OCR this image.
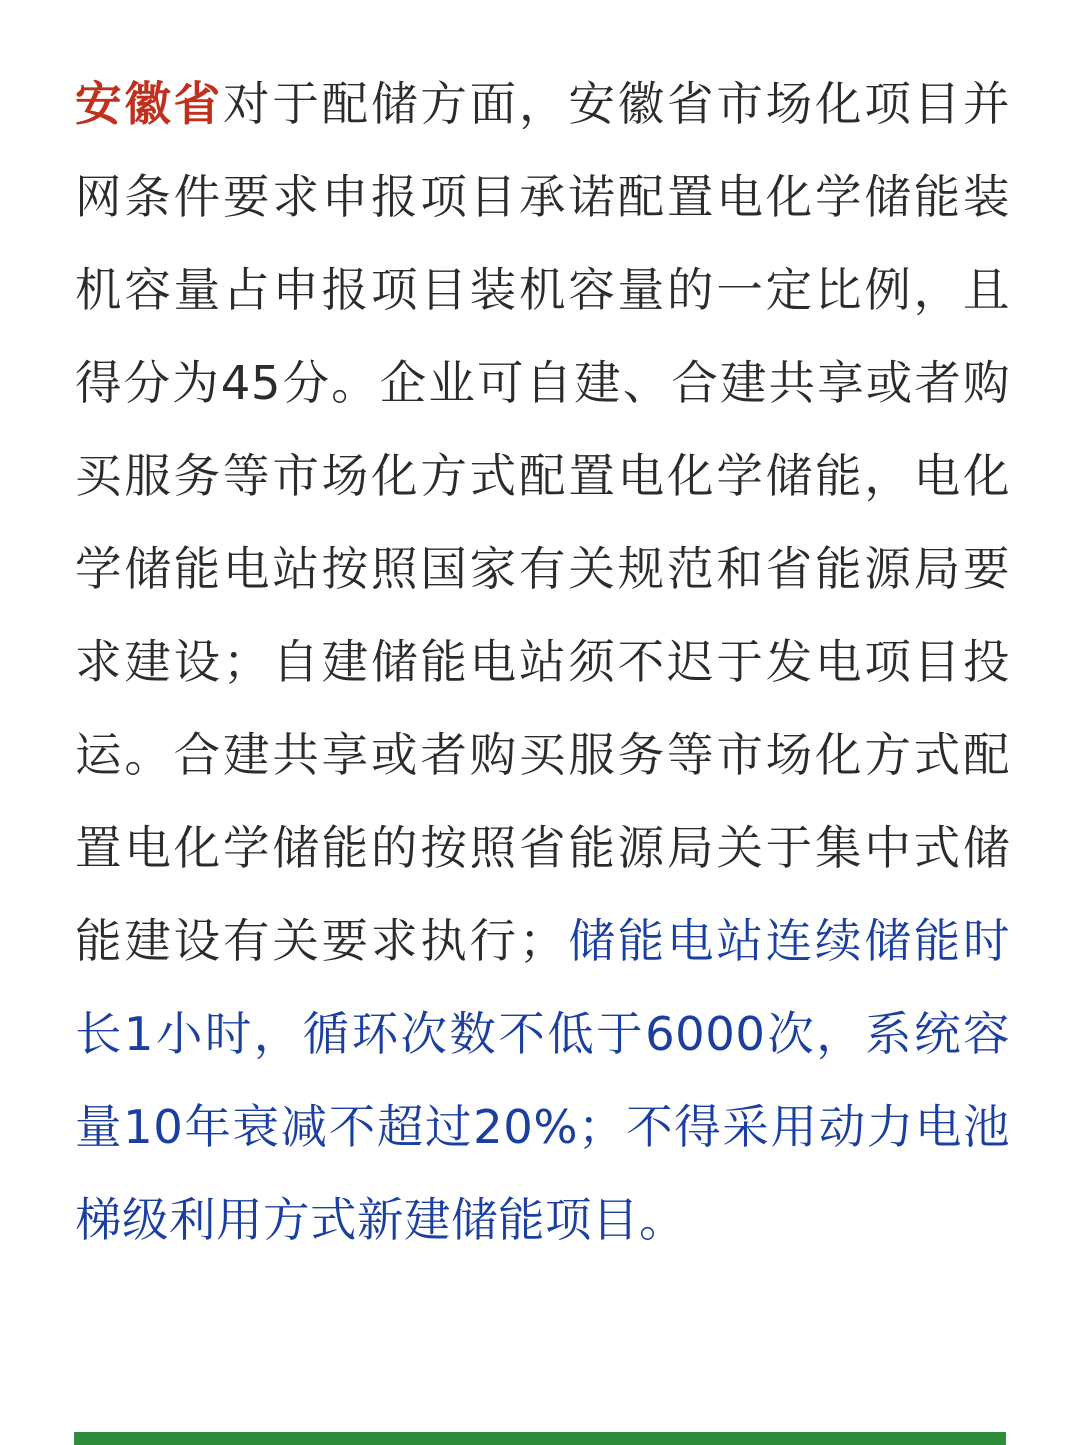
安徽省对于配储方面，安徽省市场化项目并网条件要求申报项目承诺配置电化学储能装机容量占申报项目装机容量的一定比例，且得分为45分。企业可自建、合建共享或者购买服务等市场化方式配置电化学储能，电化学储能电站按照国家有关规范和省能源局要求建设；自建储能电站须不迟于发电项目投运。合建共享或者购买服务等市场化方式配置电化学储能的按照省能源局关于集中式储能建设有关要求执行；储能电站连续储能时长1小时，循环次数不低于6000次，系统容量10年衰减不超过20%；不得采用动力电池梯级利用方式新建储能项目。
